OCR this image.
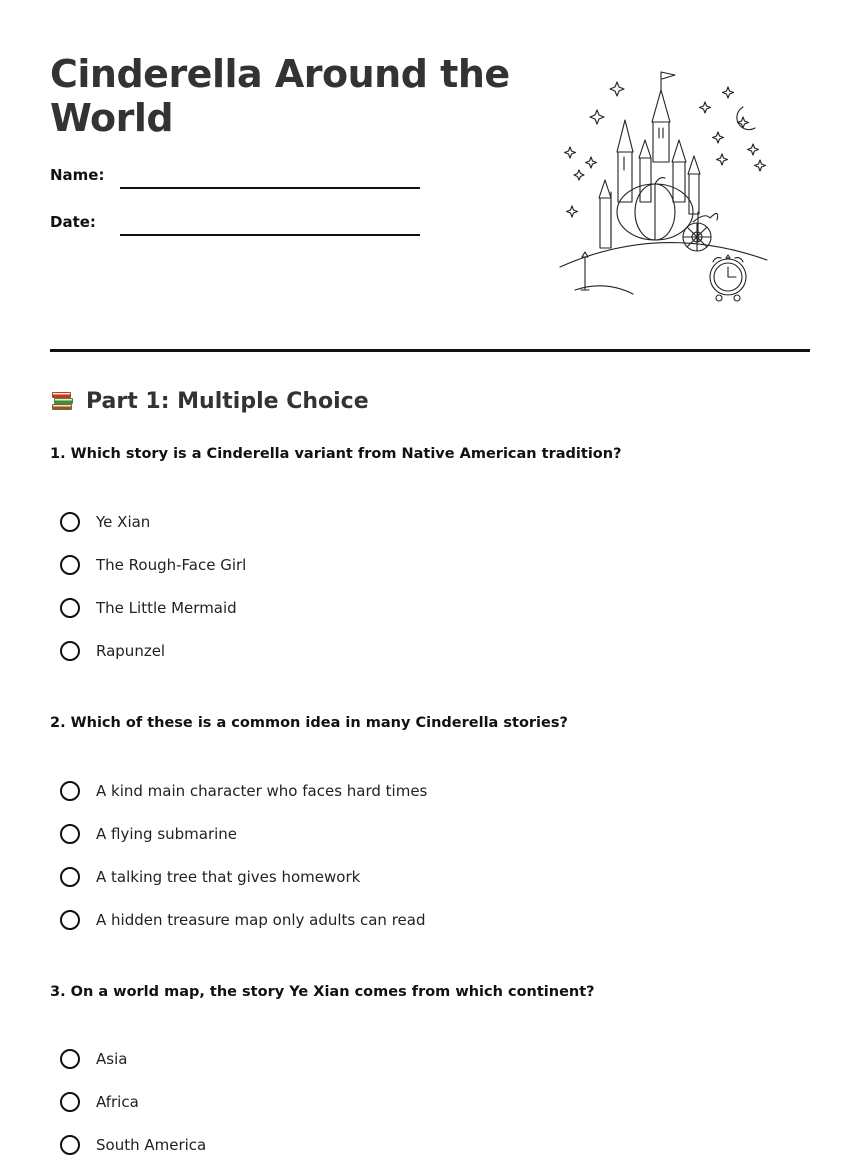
Cinderella Around the World
Name:
Date:
Part 1: Multiple Choice

1. Which story is a Cinderella variant from Native American tradition?

Ye Xian
The Rough-Face Girl
The Little Mermaid
Rapunzel

2. Which of these is a common idea in many Cinderella stories?

A kind main character who faces hard times
A flying submarine
A talking tree that gives homework
A hidden treasure map only adults can read

3. On a world map, the story Ye Xian comes from which continent?

Asia
Africa
South America
